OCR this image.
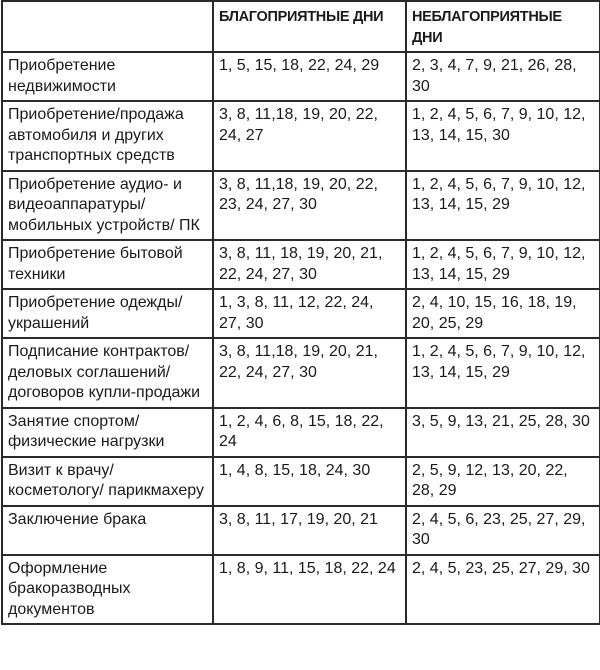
	БЛАГОПРИЯТНЫЕ ДНИ	НЕБЛАГОПРИЯТНЫЕ ДНИ
Приобретение недвижимости	1, 5, 15, 18, 22, 24, 29	2, 3, 4, 7, 9, 21, 26, 28, 30
Приобретение/продажа автомобиля и других транспортных средств	3, 8, 11,18, 19, 20, 22, 24, 27	1, 2, 4, 5, 6, 7, 9, 10, 12, 13, 14, 15, 30
Приобретение аудио- и видеоаппаратуры/ мобильных устройств/ ПК	3, 8, 11,18, 19, 20, 22, 23, 24, 27, 30	1, 2, 4, 5, 6, 7, 9, 10, 12, 13, 14, 15, 29
Приобретение бытовой техники	3, 8, 11, 18, 19, 20, 21, 22, 24, 27, 30	1, 2, 4, 5, 6, 7, 9, 10, 12, 13, 14, 15, 29
Приобретение одежды/украшений	1, 3, 8, 11, 12, 22, 24, 27, 30	2, 4, 10, 15, 16, 18, 19, 20, 25, 29
Подписание контрактов/деловых соглашений/договоров купли-продажи	3, 8, 11,18, 19, 20, 21, 22, 24, 27, 30	1, 2, 4, 5, 6, 7, 9, 10, 12, 13, 14, 15, 29
Занятие спортом/ физические нагрузки	1, 2, 4, 6, 8, 15, 18, 22, 24	3, 5, 9, 13, 21, 25, 28, 30
Визит к врачу/ косметологу/ парикмахеру	1, 4, 8, 15, 18, 24, 30	2, 5, 9, 12, 13, 20, 22, 28, 29
Заключение брака	3, 8, 11, 17, 19, 20, 21	2, 4, 5, 6, 23, 25, 27, 29, 30
Оформление бракоразводных документов	1, 8, 9, 11, 15, 18, 22, 24	2, 4, 5, 23, 25, 27, 29, 30
